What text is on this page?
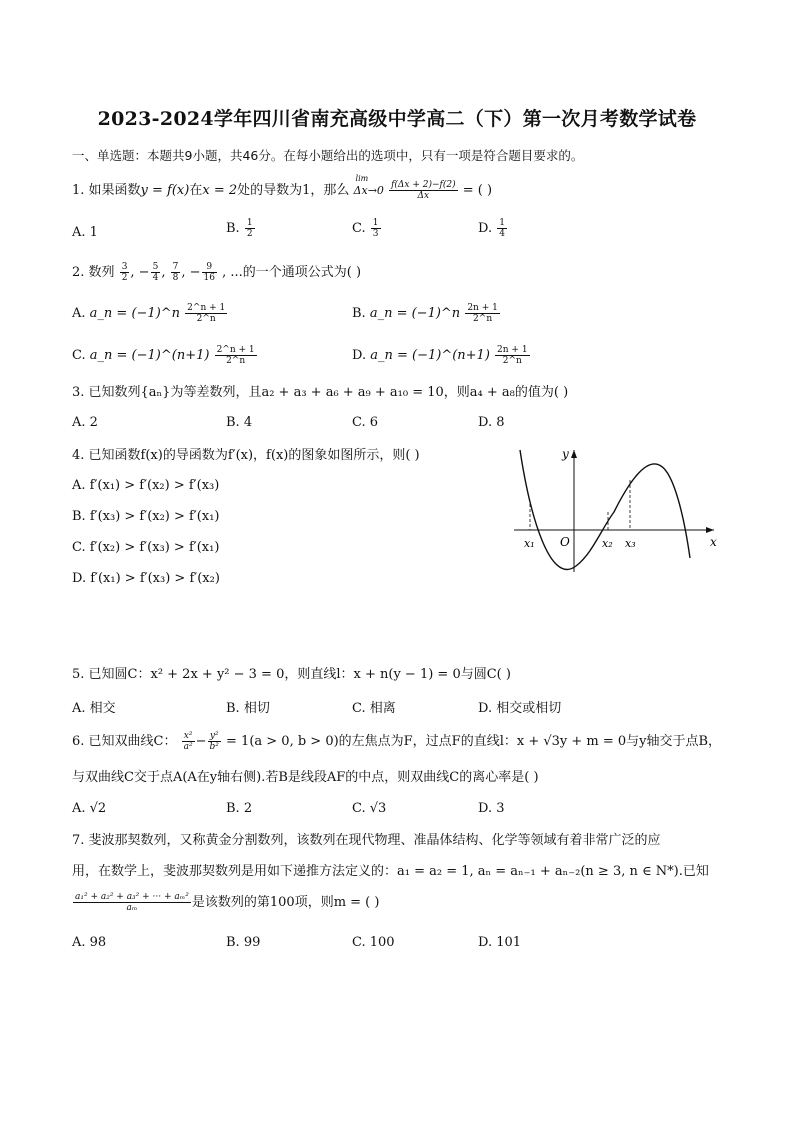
2023-2024学年四川省南充高级中学高二（下）第一次月考数学试卷
一、单选题：本题共9小题，共46分。在每小题给出的选项中，只有一项是符合题目要求的。
1. 如果函数y = f(x)在x = 2处的导数为1，那么
lim
$\Delta x\to 0 \frac{f(\Delta x + 2)-f(2)}{\Delta x}$ = ( )
A. 1	B. $\frac{1}{2}$	C. $\frac{1}{3}$	D. $\frac{1}{4}$
2. 数列 $\frac{3}{2}$ , − $\frac{5}{4}$ , $\frac{7}{8}$ , − $\frac{9}{16}$ , ...的一个通项公式为( )
A. a_n = (−1)^n $\frac{2\^{}n + 1}{2\^{}n}$	B. a_n = (−1)^n $\frac{2n + 1}{2\^{}n}$
C. a_n = (−1)^(n+1) $\frac{2\^{}n + 1}{2\^{}n}$	D. a_n = (−1)^(n+1) $\frac{2n + 1}{2\^{}n}$
3. 已知数列{aₙ}为等差数列，且a₂ + a₃ + a₆ + a₉ + a₁₀ = 10，则a₄ + a₈的值为( )
A. 2	B. 4	C. 6	D. 8
4. 已知函数f(x)的导函数为f′(x)，f(x)的图象如图所示，则( )
A. f′(x₁) > f′(x₂) > f′(x₃)
B. f′(x₃) > f′(x₂) > f′(x₁)
C. f′(x₂) > f′(x₃) > f′(x₁)
D. f′(x₁) > f′(x₃) > f′(x₂)
y
x
O
x₁	x₂ x₃
5. 已知圆C：x² + 2x + y² − 3 = 0，则直线l：x + n(y − 1) = 0与圆C( )
A. 相交	B. 相切	C. 相离	D. 相交或相切
6. 已知双曲线C： $\frac{\text{x²}}{\text{a²}} - \frac{\text{y²}}{\text{b²}} = 1(a > 0$, b > 0)的左焦点为F，过点F的直线l：x + √3y + m = 0与y轴交于点B，
与双曲线C交于点A(A在y轴右侧).若B是线段AF的中点，则双曲线C的离心率是( )
A. √2	B. 2	C. √3	D. 3
7. 斐波那契数列，又称黄金分割数列，该数列在现代物理、准晶体结构、化学等领域有着非常广泛的应
用，在数学上，斐波那契数列是用如下递推方法定义的：a₁ = a₂ = 1, aₙ = aₙ₋₁ + aₙ₋₂(n ≥ 3, n ∈ N*).已知
$\frac{\text{a₁² + a₂² + a₃² + ··· + aₘ²}}{\text{aₘ}}$ 是该数列的第100项，则m = ( )
A. 98	B. 99	C. 100	D. 101
